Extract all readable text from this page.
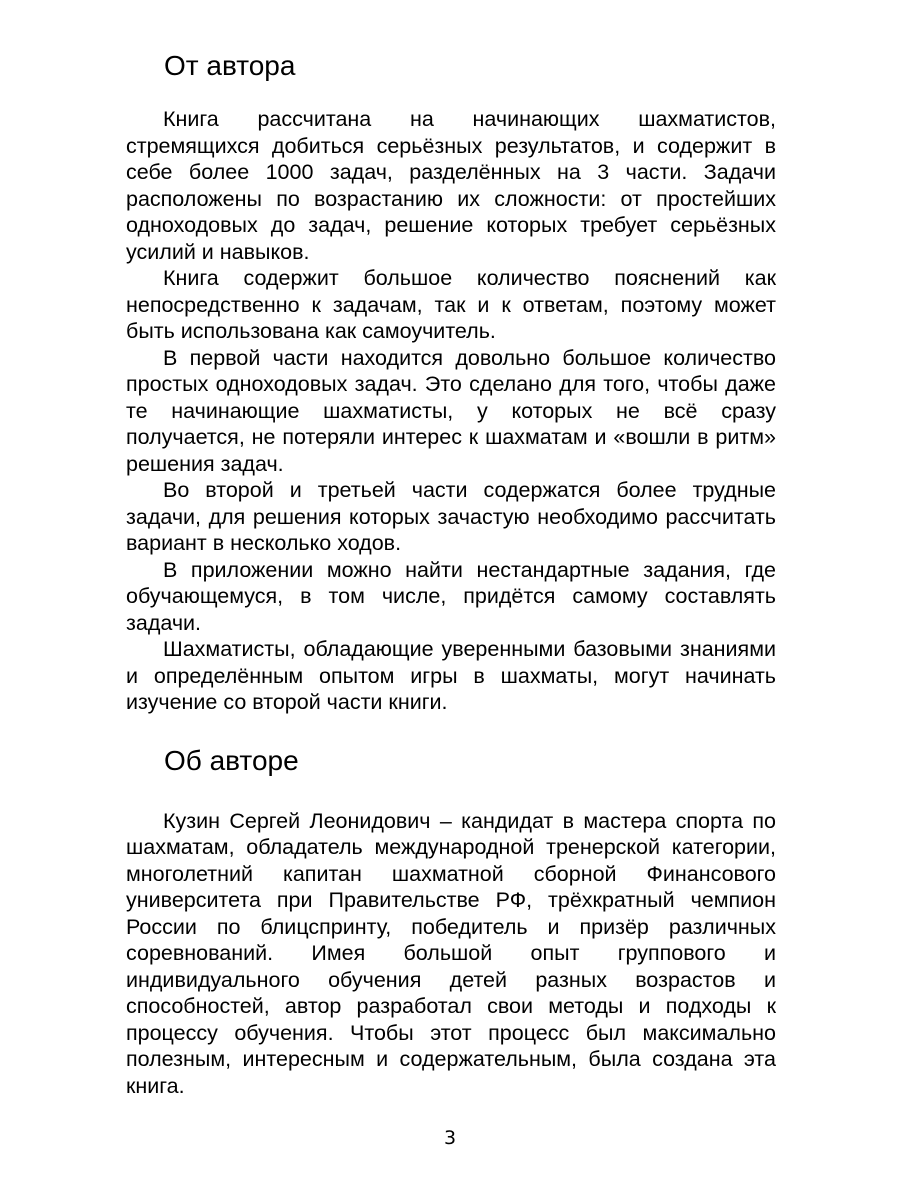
От автора

Книга рассчитана на начинающих шахматистов, стремящихся добиться серьёзных результатов, и содержит в себе более 1000 задач, разделённых на 3 части. Задачи расположены по возрастанию их сложности: от простейших одноходовых до задач, решение которых требует серьёзных усилий и навыков.

Книга содержит большое количество пояснений как непосредственно к задачам, так и к ответам, поэтому может быть использована как самоучитель.

В первой части находится довольно большое количество простых одноходовых задач. Это сделано для того, чтобы даже те начинающие шахматисты, у которых не всё сразу получается, не потеряли интерес к шахматам и «вошли в ритм» решения задач.

Во второй и третьей части содержатся более трудные задачи, для решения которых зачастую необходимо рассчитать вариант в несколько ходов.

В приложении можно найти нестандартные задания, где обучающемуся, в том числе, придётся самому составлять задачи.

Шахматисты, обладающие уверенными базовыми знаниями и определённым опытом игры в шахматы, могут начинать изучение со второй части книги.

Об авторе

Кузин Сергей Леонидович – кандидат в мастера спорта по шахматам, обладатель международной тренерской категории, многолетний капитан шахматной сборной Финансового университета при Правительстве РФ, трёхкратный чемпион России по блицспринту, победитель и призёр различных соревнований. Имея большой опыт группового и индивидуального обучения детей разных возрастов и способностей, автор разработал свои методы и подходы к процессу обучения. Чтобы этот процесс был максимально полезным, интересным и содержательным, была создана эта книга.

3
